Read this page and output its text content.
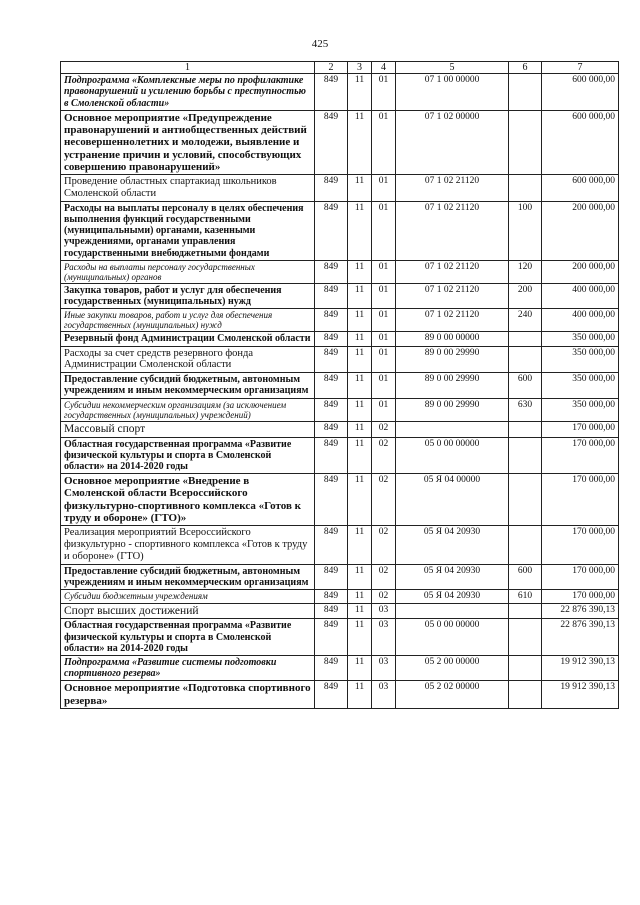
425
1	2	3	4	5	6	7
Подпрограмма «Комплексные меры по профилактике правонарушений и усилению борьбы с преступностью в Смоленской области»	849	11	01	07 1 00 00000		600 000,00
Основное мероприятие «Предупреждение правонарушений и антиобщественных действий несовершеннолетних и молодежи, выявление и устранение причин и условий, способствующих совершению правонарушений»	849	11	01	07 1 02 00000		600 000,00
Проведение областных спартакиад школьников Смоленской области	849	11	01	07 1 02 21120		600 000,00
Расходы на выплаты персоналу в целях обеспечения выполнения функций государственными (муниципальными) органами, казенными учреждениями, органами управления государственными внебюджетными фондами	849	11	01	07 1 02 21120	100	200 000,00
Расходы на выплаты персоналу государственных (муниципальных) органов	849	11	01	07 1 02 21120	120	200 000,00
Закупка товаров, работ и услуг для обеспечения государственных (муниципальных) нужд	849	11	01	07 1 02 21120	200	400 000,00
Иные закупки товаров, работ и услуг для обеспечения государственных (муниципальных) нужд	849	11	01	07 1 02 21120	240	400 000,00
Резервный фонд Администрации Смоленской области	849	11	01	89 0 00 00000		350 000,00
Расходы за счет средств резервного фонда Администрации Смоленской области	849	11	01	89 0 00 29990		350 000,00
Предоставление субсидий бюджетным, автономным учреждениям и иным некоммерческим организациям	849	11	01	89 0 00 29990	600	350 000,00
Субсидии некоммерческим организациям (за исключением государственных (муниципальных) учреждений)	849	11	01	89 0 00 29990	630	350 000,00
Массовый спорт	849	11	02			170 000,00
Областная государственная программа «Развитие физической культуры и спорта в Смоленской области» на 2014-2020 годы	849	11	02	05 0 00 00000		170 000,00
Основное мероприятие «Внедрение в Смоленской области Всероссийского физкультурно-спортивного комплекса «Готов к труду и обороне» (ГТО)»	849	11	02	05 Я 04 00000		170 000,00
Реализация мероприятий Всероссийского физкультурно - спортивного комплекса «Готов к труду и обороне» (ГТО)	849	11	02	05 Я 04 20930		170 000,00
Предоставление субсидий бюджетным, автономным учреждениям и иным некоммерческим организациям	849	11	02	05 Я 04 20930	600	170 000,00
Субсидии бюджетным учреждениям	849	11	02	05 Я 04 20930	610	170 000,00
Спорт высших достижений	849	11	03			22 876 390,13
Областная государственная программа «Развитие физической культуры и спорта в Смоленской области» на 2014-2020 годы	849	11	03	05 0 00 00000		22 876 390,13
Подпрограмма «Развитие системы подготовки спортивного резерва»	849	11	03	05 2 00 00000		19 912 390,13
Основное мероприятие «Подготовка спортивного резерва»	849	11	03	05 2 02 00000		19 912 390,13
